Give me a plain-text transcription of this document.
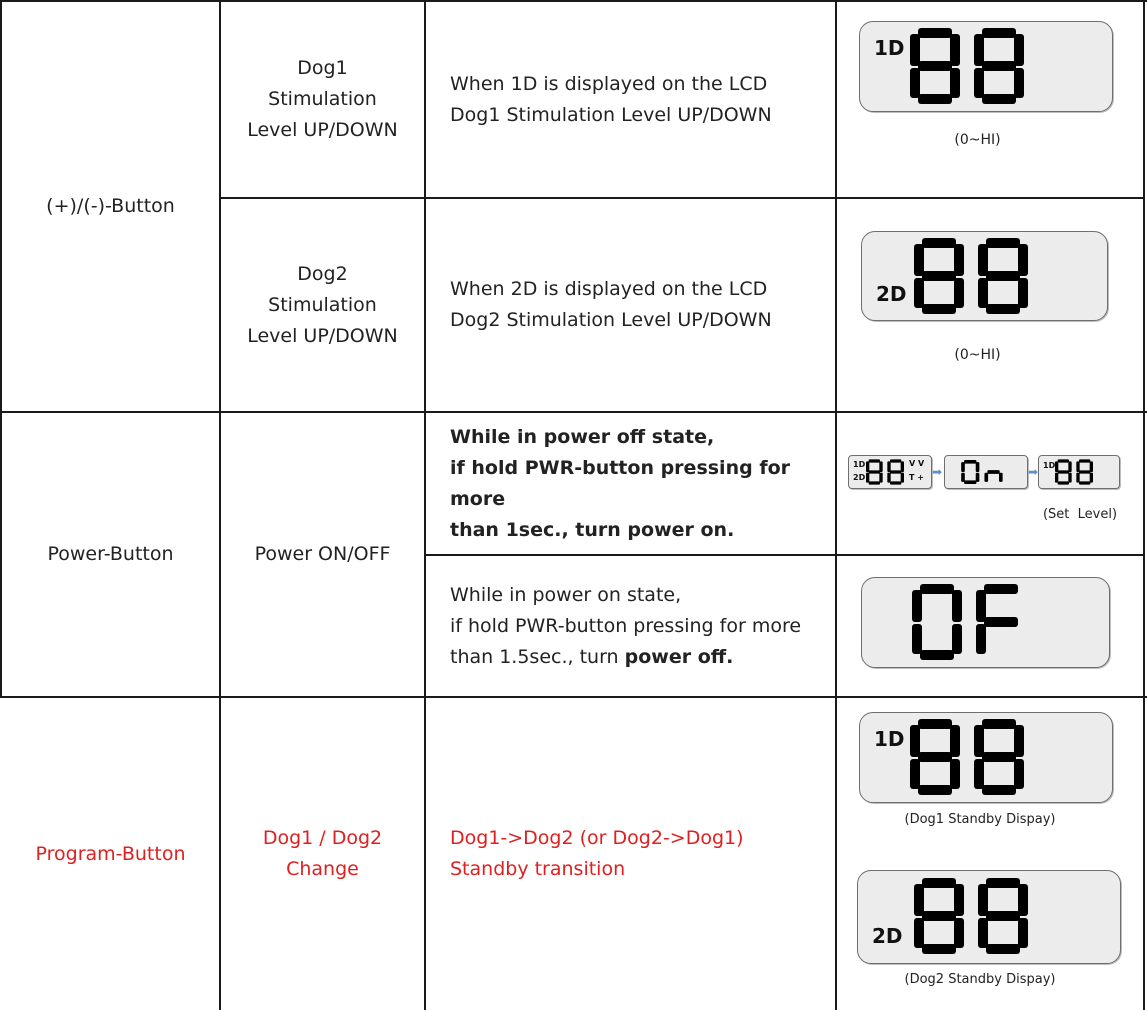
(+)/(-)-Button
Dog1
Stimulation
Level UP/DOWN
When 1D is displayed on the LCD
Dog1 Stimulation Level UP/DOWN
1D
(0~HI)
Dog2
Stimulation
Level UP/DOWN
When 2D is displayed on the LCD
Dog2 Stimulation Level UP/DOWN
2D
(0~HI)
Power-Button	Power ON/OFF
While in power off state,
if hold PWR-button pressing for more
than 1sec., turn power on.
1D
2D
V V
T + ➡	➡ 1D
(Set  Level)
While in power on state,
if hold PWR-button pressing for more
than 1.5sec., turn power off.
Program-Button
Dog1 / Dog2
Change
Dog1->Dog2 (or Dog2->Dog1)
Standby transition
1D
(Dog1 Standby Dispay)
2D
(Dog2 Standby Dispay)
